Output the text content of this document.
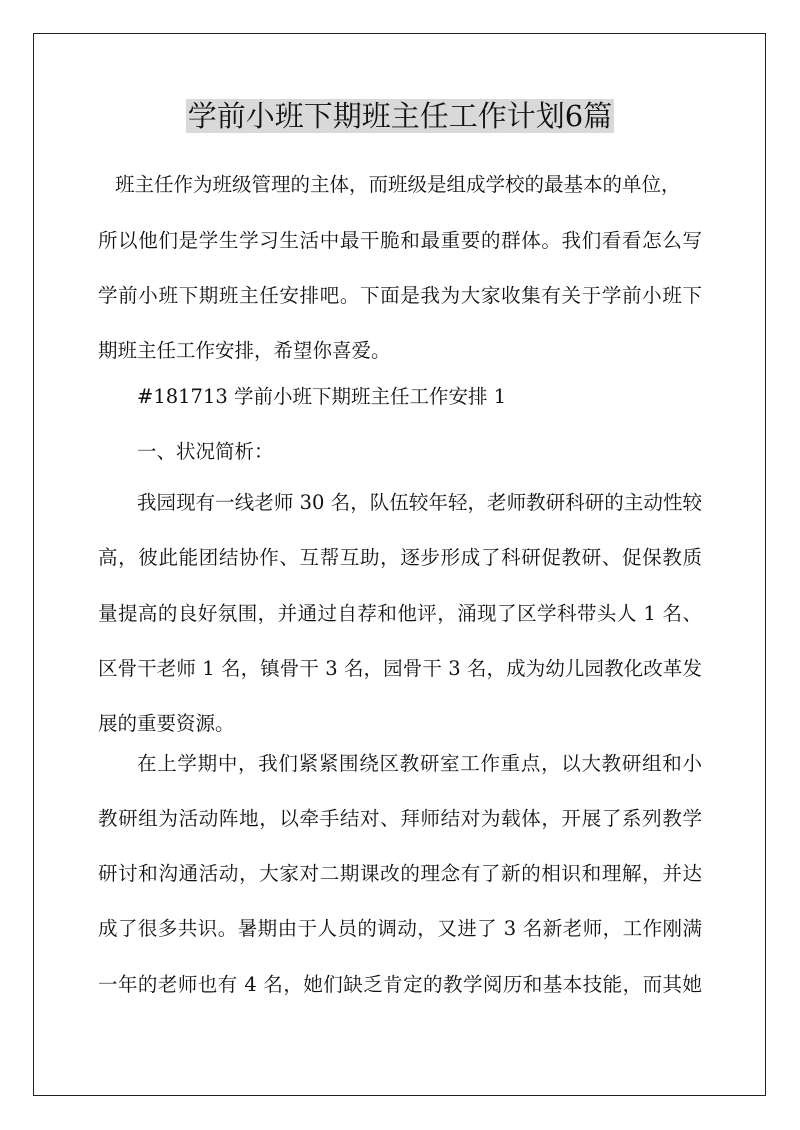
学前小班下期班主任工作计划6篇

班主任作为班级管理的主体，而班级是组成学校的最基本的单位，

所以他们是学生学习生活中最干脆和最重要的群体。我们看看怎么写

学前小班下期班主任安排吧。下面是我为大家收集有关于学前小班下

期班主任工作安排，希望你喜爱。

#181713 学前小班下期班主任工作安排 1

一、状况简析：

我园现有一线老师 30 名，队伍较年轻，老师教研科研的主动性较

高，彼此能团结协作、互帮互助，逐步形成了科研促教研、促保教质

量提高的良好氛围，并通过自荐和他评，涌现了区学科带头人 1 名、

区骨干老师 1 名，镇骨干 3 名，园骨干 3 名，成为幼儿园教化改革发

展的重要资源。

在上学期中，我们紧紧围绕区教研室工作重点，以大教研组和小

教研组为活动阵地，以牵手结对、拜师结对为载体，开展了系列教学

研讨和沟通活动，大家对二期课改的理念有了新的相识和理解，并达

成了很多共识。暑期由于人员的调动，又进了 3 名新老师，工作刚满

一年的老师也有 4 名，她们缺乏肯定的教学阅历和基本技能，而其她
